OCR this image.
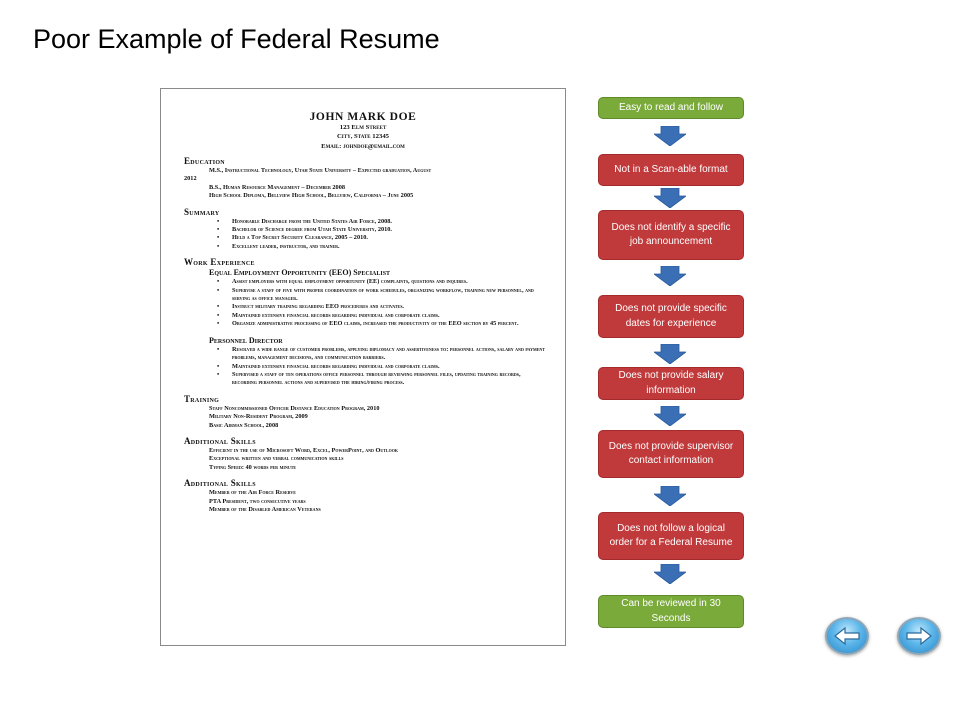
Poor Example of Federal Resume
JOHN MARK DOE
123 Elm Street
City, State 12345
Email: johndoe@email.com
Education
M.S., Instructional Technology, Utah State University – Expected graduation, August
2012
B.S., Human Resource Management – December 2008
High School Diploma, Bellview High School, Bellview, California – June 2005
Summary
• Honorable Discharge from the United States Air Force, 2008.
• Bachelor of Science degree from Utah State University, 2010.
• Held a Top Secret Security Clearance, 2005 – 2010.
• Excellent leader, instructor, and trainer.
Work Experience
Equal Employment Opportunity (EEO) Specialist
• Assist employers with equal employment opportunity (EE) complaints, questions and inquires.
• Supervise a staff of five with proper coordination of work schedules, organizing workflow, training new personnel, and serving as office manager.
• Instruct military training regarding EEO procedures and activates.
• Maintained extensive financial records regarding individual and corporate claims.
• Organize administrative processing of EEO claims, increased the productivity of the EEO section by 45 percent.
Personnel Director
• Resolved a wide range of customer problems, applying diplomacy and assertiveness to: personnel actions, salary and payment problems, management decisions, and communication barriers.
• Maintained extensive financial records regarding individual and corporate claims.
• Supervised a staff of ten operations office personnel through reviewing personnel files, updating training records, recording personnel actions and supervised the hiring/firing process.
Training
Staff Noncommissioned Officer Distance Education Program, 2010
Military Non-Resident Program, 2009
Basic Airman School, 2008
Additional Skills
Efficient in the use of Microsoft Word, Excel, PowerPoint, and Outlook
Exceptional written and verbal communication skills
Typing Speed: 40 words per minute
Additional Skills
Member of the Air Force Reserve
PTA President, two consecutive years
Member of the Disabled American Veterans
Easy to read and follow
Not in a Scan-able format
Does not identify a specific job announcement
Does not provide specific dates for experience
Does not provide salary information
Does not provide supervisor contact information
Does not follow a logical order for a Federal Resume
Can be reviewed in 30 Seconds
